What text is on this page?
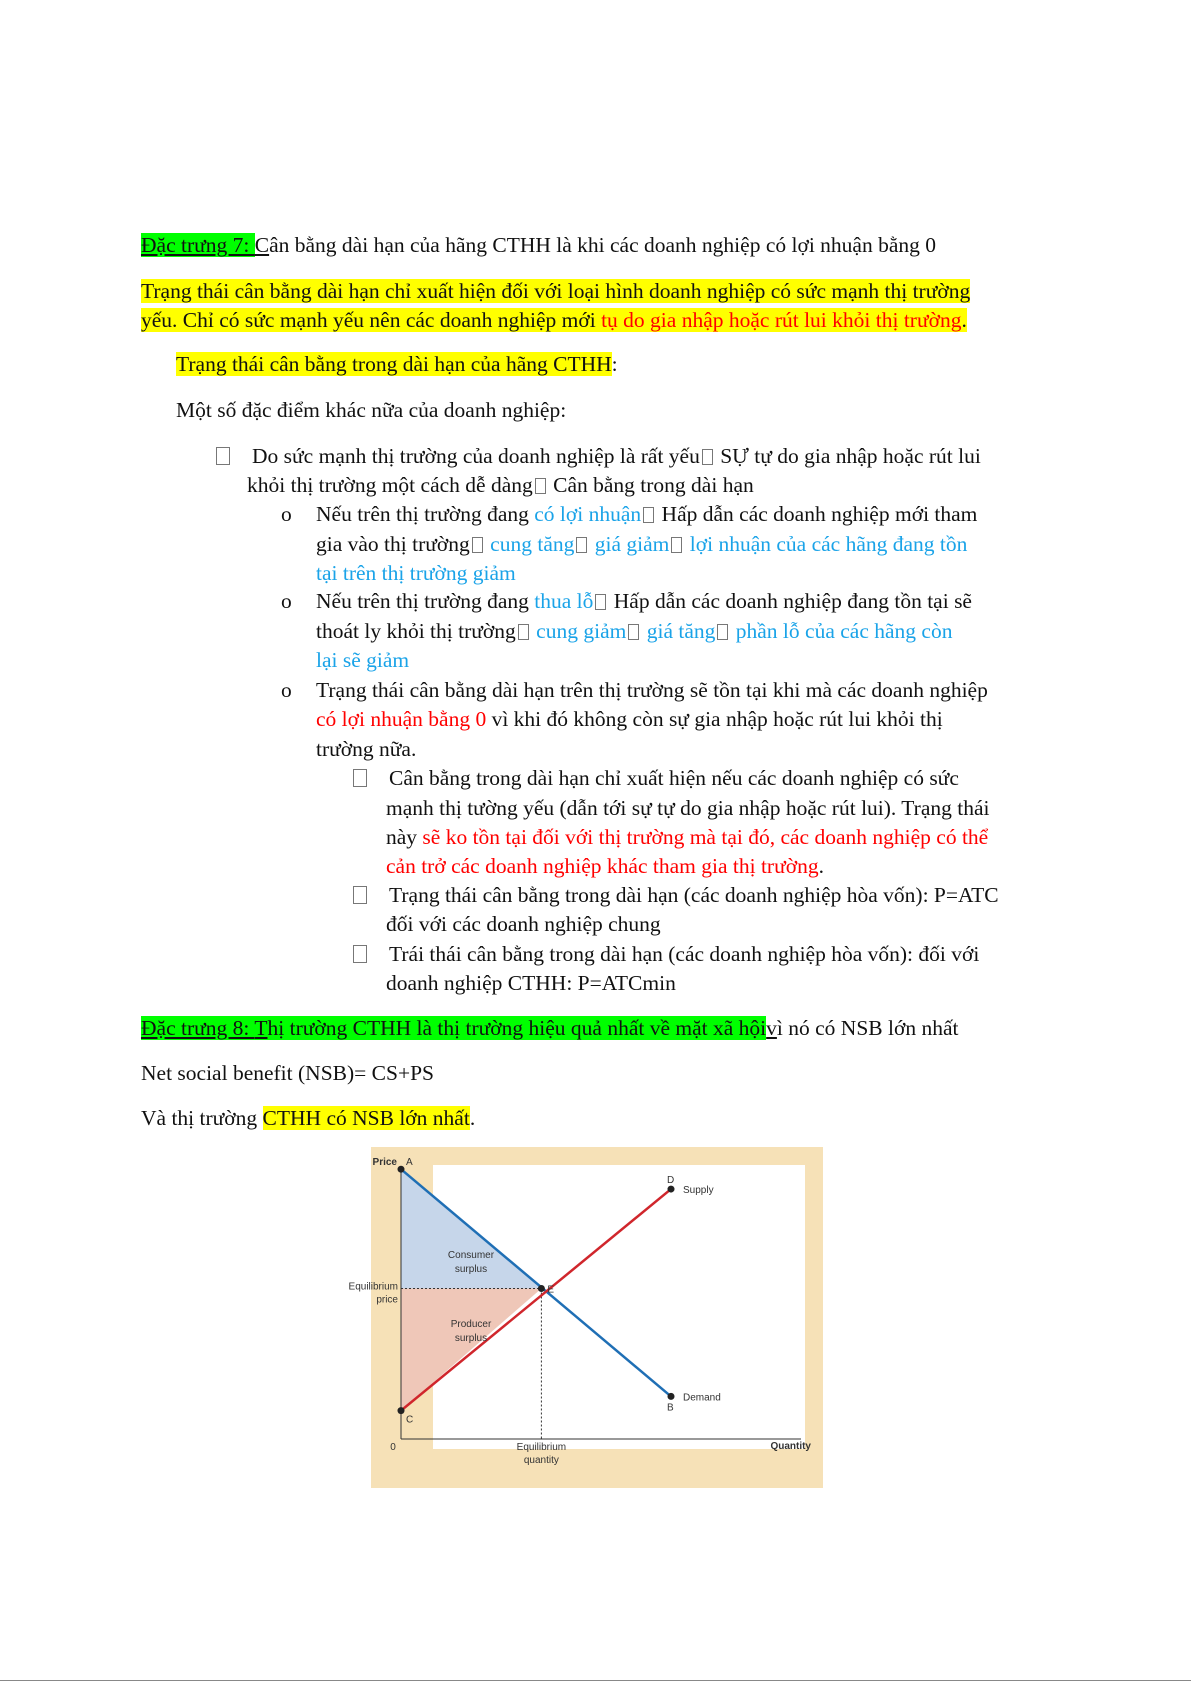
Đặc trưng 7: Cân bằng dài hạn của hãng CTHH là khi các doanh nghiệp có lợi nhuận bằng 0
Trạng thái cân bằng dài hạn chỉ xuất hiện đối với loại hình doanh nghiệp có sức mạnh thị trường
yếu. Chỉ có sức mạnh yếu nên các doanh nghiệp mới tụ do gia nhập hoặc rút lui khỏi thị trường.
Trạng thái cân bằng trong dài hạn của hãng CTHH:
Một số đặc điểm khác nữa của doanh nghiệp:
Do sức mạnh thị trường của doanh nghiệp là rất yếu SỰ tự do gia nhập hoặc rút lui
khỏi thị trường một cách dễ dàng Cân bằng trong dài hạn
o Nếu trên thị trường đang có lợi nhuận Hấp dẫn các doanh nghiệp mới tham
gia vào thị trường cung tăng giá giảm lợi nhuận của các hãng đang tồn
tại trên thị trường giảm
o Nếu trên thị trường đang thua lỗ Hấp dẫn các doanh nghiệp đang tồn tại sẽ
thoát ly khỏi thị trường cung giảm giá tăng phần lỗ của các hãng còn
lại sẽ giảm
o Trạng thái cân bằng dài hạn trên thị trường sẽ tồn tại khi mà các doanh nghiệp
có lợi nhuận bằng 0 vì khi đó không còn sự gia nhập hoặc rút lui khỏi thị
trường nữa.
Cân bằng trong dài hạn chỉ xuất hiện nếu các doanh nghiệp có sức
mạnh thị tường yếu (dẫn tới sự tự do gia nhập hoặc rút lui). Trạng thái
này sẽ ko tồn tại đối với thị trường mà tại đó, các doanh nghiệp có thể
cản trở các doanh nghiệp khác tham gia thị trường.
Trạng thái cân bằng trong dài hạn (các doanh nghiệp hòa vốn): P=ATC
đối với các doanh nghiệp chung
Trái thái cân bằng trong dài hạn (các doanh nghiệp hòa vốn): đối với
doanh nghiệp CTHH: P=ATCmin
Đặc trưng 8: Thị trường CTHH là thị trường hiệu quả nhất về mặt xã hộivì nó có NSB lớn nhất
Net social benefit (NSB)= CS+PS
Và thị trường CTHH có NSB lớn nhất.
Price
Quantity
0
Equilibrium
price
Equilibrium
quantity
A
B
C
D
E
Supply
Demand
Consumer
surplus
Producer
surplus
